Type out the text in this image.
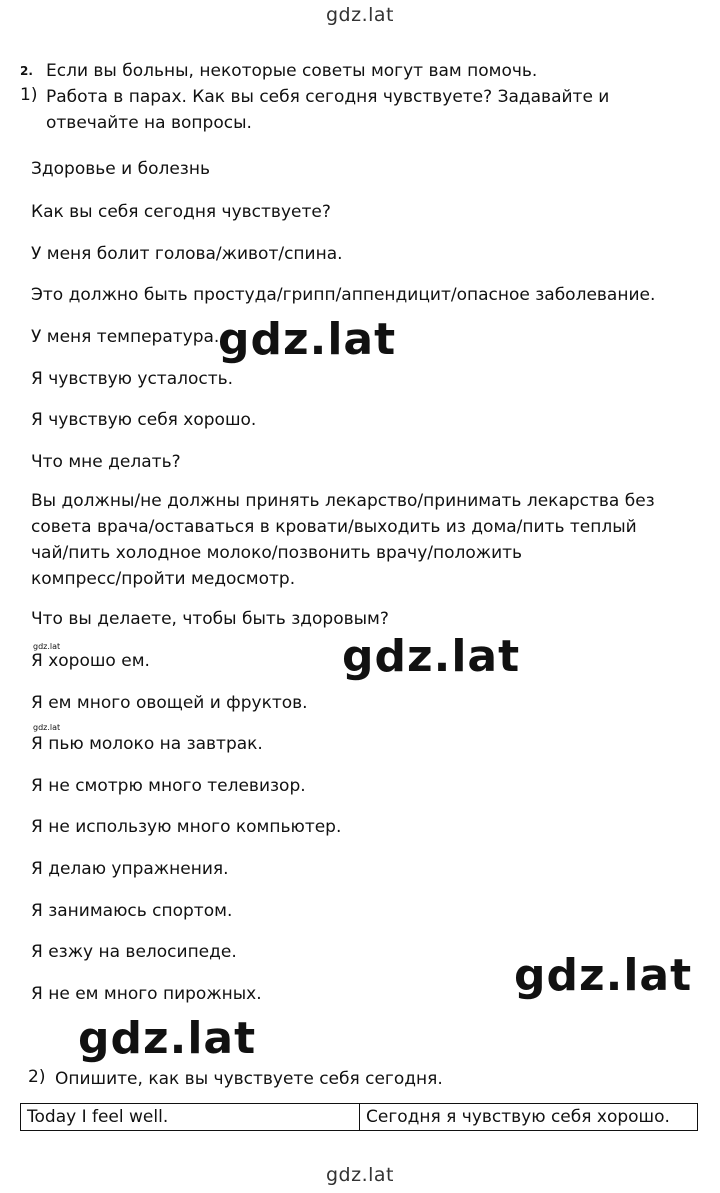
gdz.lat
2. Если вы больны, некоторые советы могут вам помочь.
1) Работа в парах. Как вы себя сегодня чувствуете? Задавайте и
отвечайте на вопросы.
Здоровье и болезнь
Как вы себя сегодня чувствуете?
У меня болит голова/живот/спина.
Это должно быть простуда/грипп/аппендицит/опасное заболевание.
У меня температура.
Я чувствую усталость.
Я чувствую себя хорошо.
Что мне делать?
Вы должны/не должны принять лекарство/принимать лекарства без
совета врача/оставаться в кровати/выходить из дома/пить теплый
чай/пить холодное молоко/позвонить врачу/положить
компресс/пройти медосмотр.
Что вы делаете, чтобы быть здоровым?
Я хорошо ем.
Я ем много овощей и фруктов.
Я пью молоко на завтрак.
Я не смотрю много телевизор.
Я не использую много компьютер.
Я делаю упражнения.
Я занимаюсь спортом.
Я езжу на велосипеде.
Я не ем много пирожных.
gdz.lat
gdz.lat
gdz.lat
gdz.lat
gdz.lat
gdz.lat
2) Опишите, как вы чувствуете себя сегодня.
Today I feel well.	Сегодня я чувствую себя хорошо.
gdz.lat
